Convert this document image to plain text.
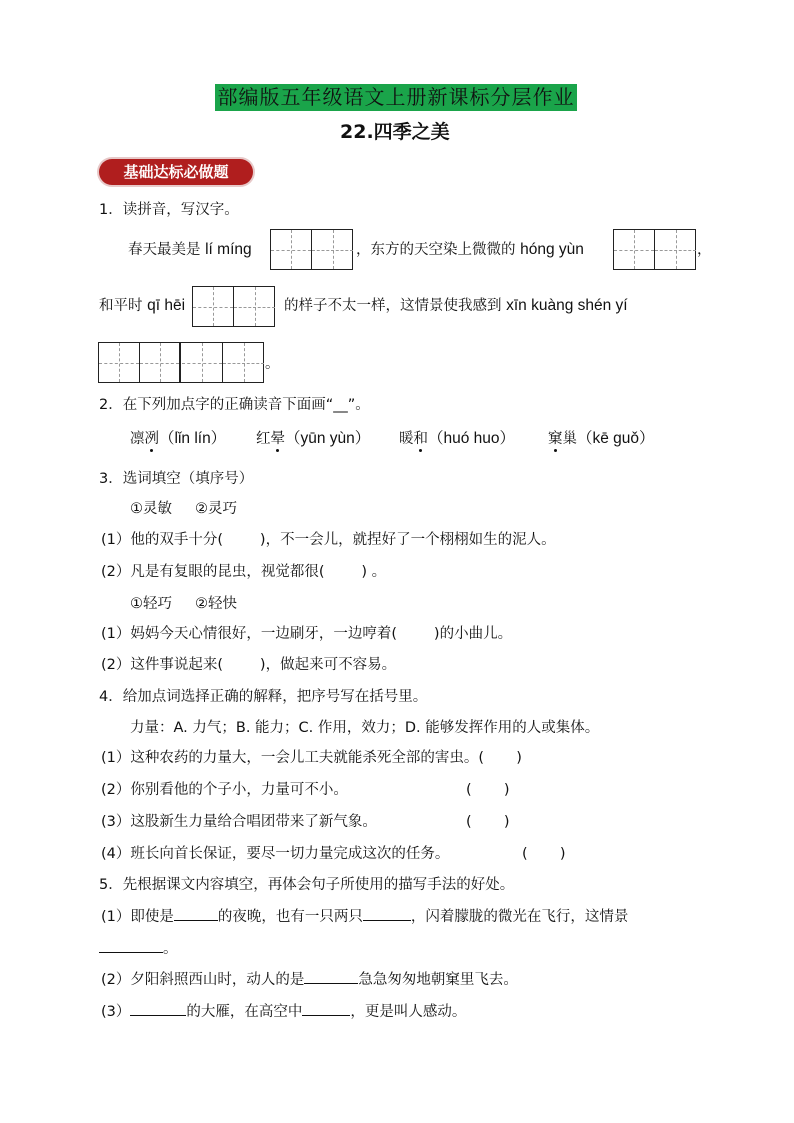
部编版五年级语文上册新课标分层作业
22.四季之美
基础达标必做题
1．读拼音，写汉字。
春天最美是 lí míng	，东方的天空染上微微的 hóng yùn	，
和平时 qī hēi	的样子不太一样，这情景使我感到 xīn kuàng shén yí
。
2．在下列加点字的正确读音下面画“__”。
凛冽（lǐn lín） 红晕（yūn yùn） 暖和（huó huo） 窠巢（kē guǒ）
3．选词填空（填序号）
①灵敏     ②灵巧
(1）他的双手十分(        )，不一会儿，就捏好了一个栩栩如生的泥人。
(2）凡是有复眼的昆虫，视觉都很(        ) 。
①轻巧     ②轻快
(1）妈妈今天心情很好，一边刷牙，一边哼着(        )的小曲儿。
(2）这件事说起来(        )，做起来可不容易。
4．给加点词选择正确的解释，把序号写在括号里。
力量：A. 力气；B. 能力；C. 作用，效力；D. 能够发挥作用的人或集体。
(1）这种农药的力量大，一会儿工夫就能杀死全部的害虫。(       )
(2）你别看他的个子小，力量可不小。	(       )
(3）这股新生力量给合唱团带来了新气象。	(       )
(4）班长向首长保证，要尽一切力量完成这次的任务。	(       )
5．先根据课文内容填空，再体会句子所使用的描写手法的好处。
(1）即使是	的夜晚，也有一只两只	，闪着朦胧的微光在飞行，这情景
。
(2）夕阳斜照西山时，动人的是	急急匆匆地朝窠里飞去。
(3）	的大雁，在高空中	，更是叫人感动。
